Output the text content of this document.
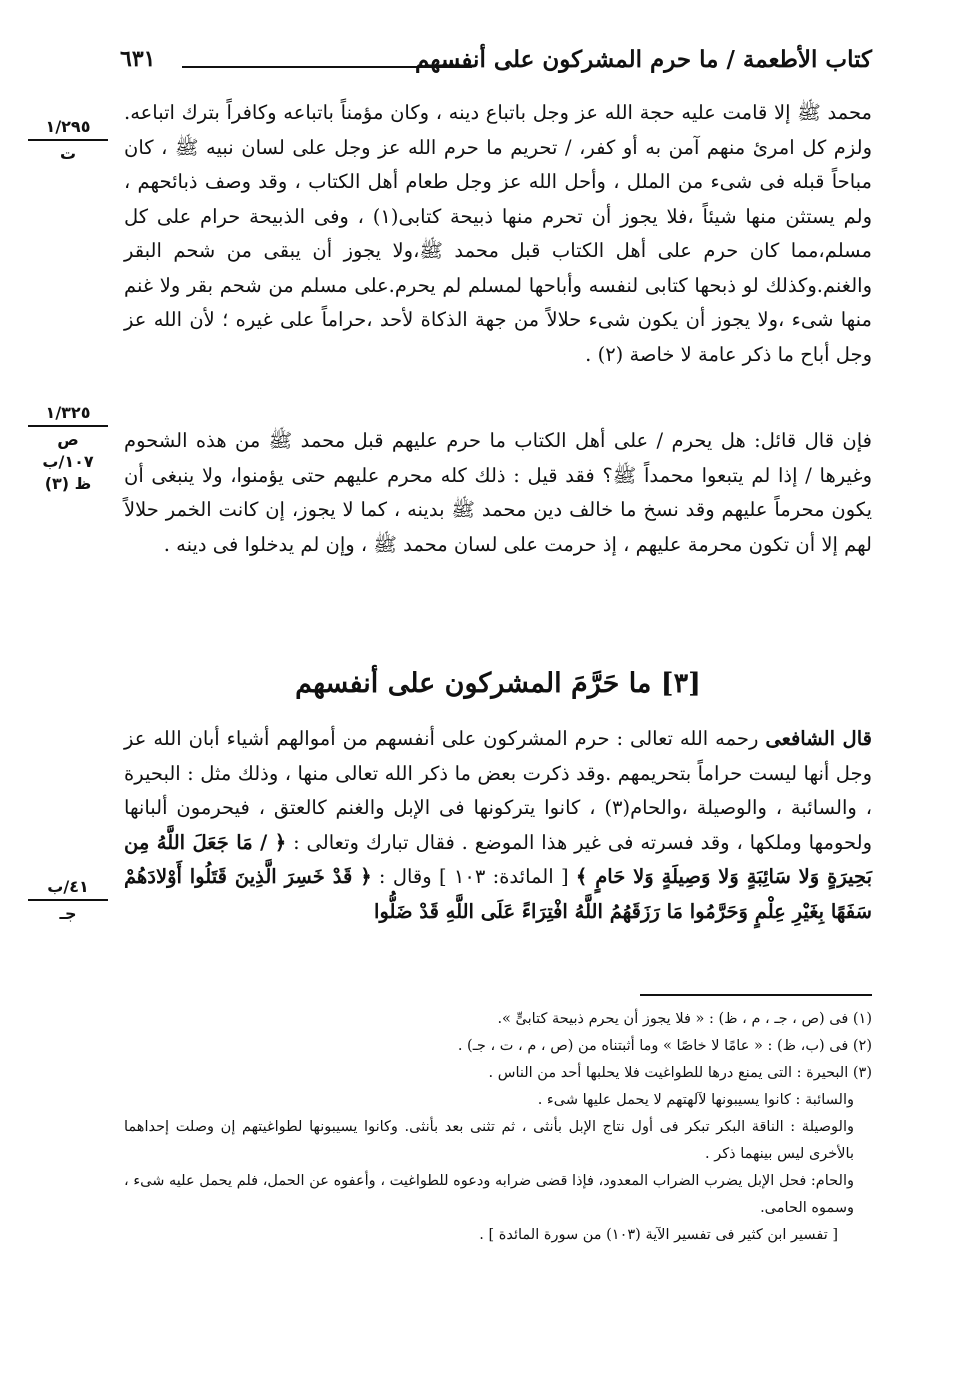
كتاب الأطعمة / ما حرم المشركون على أنفسهم
٦٣١
١/٢٩٥
ت
١/٣٢٥
ص
١٠٧/ب
ظ (٣)
٤١/ب
جـ

محمد ﷺ إلا قامت عليه حجة الله عز وجل باتباع دينه ، وكان مؤمناً باتباعه وكافراً بترك اتباعه. ولزم كل امرئ منهم آمن به أو كفر، / تحريم ما حرم الله عز وجل على لسان نبيه ﷺ ، كان مباحاً قبله فى شىء من الملل ، وأحل الله عز وجل طعام أهل الكتاب ، وقد وصف ذبائحهم ، ولم يستثن منها شيئاً ،فلا يجوز أن تحرم منها ذبيحة كتابى(١) ، وفى الذبيحة حرام على كل مسلم،مما كان حرم على أهل الكتاب قبل محمد ﷺ،ولا يجوز أن يبقى من شحم البقر والغنم.وكذلك لو ذبحها كتابى لنفسه وأباحها لمسلم لم يحرم.على مسلم من شحم بقر ولا غنم منها شىء ،ولا يجوز أن يكون شىء حلالاً من جهة الذكاة لأحد ،حراماً على غيره ؛ لأن الله عز وجل أباح ما ذكر عامة لا خاصة (٢) .

فإن قال قائل: هل يحرم / على أهل الكتاب ما حرم عليهم قبل محمد ﷺ من هذه الشحوم وغيرها / إذا لم يتبعوا محمداً ﷺ؟ فقد قيل : ذلك كله محرم عليهم حتى يؤمنوا، ولا ينبغى أن يكون محرماً عليهم وقد نسخ ما خالف دين محمد ﷺ بدينه ، كما لا يجوز، إن كانت الخمر حلالاً لهم إلا أن تكون محرمة عليهم ، إذ حرمت على لسان محمد ﷺ ، وإن لم يدخلوا فى دينه .

[٣] ما حَرَّمَ المشركون على أنفسهم

قال الشافعى رحمه الله تعالى : حرم المشركون على أنفسهم من أموالهم أشياء أبان الله عز وجل أنها ليست حراماً بتحريمهم .وقد ذكرت بعض ما ذكر الله تعالى منها ، وذلك مثل : البحيرة ، والسائبة ، والوصيلة ،والحام(٣) ، كانوا يتركونها فى الإبل والغنم كالعتق ، فيحرمون ألبانها ولحومها وملكها ، وقد فسرته فى غير هذا الموضع . فقال تبارك وتعالى : ﴿ / مَا جَعَلَ اللَّهُ مِن بَحِيرَةٍ وَلا سَائِبَةٍ وَلا وَصِيلَةٍ وَلا حَامٍ ﴾ [ المائدة: ١٠٣ ] وقال : ﴿ قَدْ خَسِرَ الَّذِينَ قَتَلُوا أَوْلادَهُمْ سَفَهًا بِغَيْرِ عِلْمٍ وَحَرَّمُوا مَا رَزَقَهُمُ اللَّهُ افْتِرَاءً عَلَى اللَّهِ قَدْ ضَلُّوا

(١) فى (ص ، جـ ، م ، ظ) : « فلا يجوز أن يحرم ذبيحة كتابىٍّ ».

(٢) فى (ب، ظ) : « عامًا لا خاصًا » وما أثبتناه من (ص ، م ، ت ، جـ) .

(٣) البحيرة : التى يمنع درها للطواغيت فلا يحلبها أحد من الناس .

والسائبة : كانوا يسيبونها لآلهتهم لا يحمل عليها شىء .

والوصيلة : الناقة البكر تبكر فى أول نتاج الإبل بأنثى ، ثم تثنى بعد بأنثى. وكانوا يسيبونها لطواغيتهم إن وصلت إحداهما بالأخرى ليس بينهما ذكر .

والحام: فحل الإبل يضرب الضراب المعدود، فإذا قضى ضرابه ودعوه للطواغيت ، وأعفوه عن الحمل، فلم يحمل عليه شىء ، وسموه الحامى.

[ تفسير ابن كثير فى تفسير الآية (١٠٣) من سورة المائدة ] .
